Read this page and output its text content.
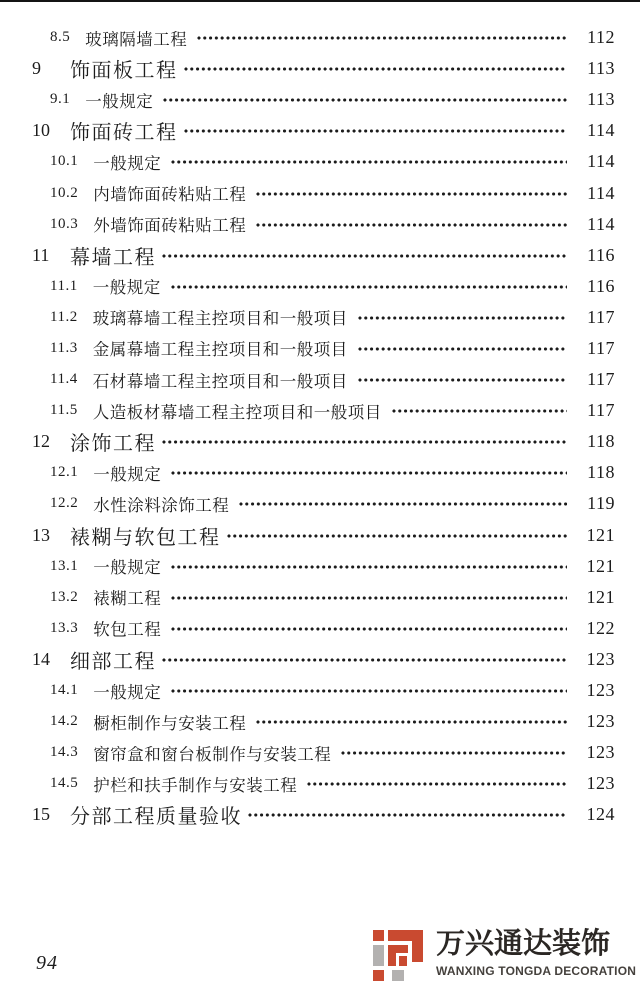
8.5 玻璃隔墙工程	112
9	饰面板工程	113
9.1 一般规定	113
10	饰面砖工程	114
10.1 一般规定	114
10.2 内墙饰面砖粘贴工程	114
10.3 外墙饰面砖粘贴工程	114
11	幕墙工程	116
11.1 一般规定	116
11.2 玻璃幕墙工程主控项目和一般项目	117
11.3 金属幕墙工程主控项目和一般项目	117
11.4 石材幕墙工程主控项目和一般项目	117
11.5 人造板材幕墙工程主控项目和一般项目	117
12	涂饰工程	118
12.1 一般规定	118
12.2 水性涂料涂饰工程	119
13	裱糊与软包工程	121
13.1 一般规定	121
13.2 裱糊工程	121
13.3 软包工程	122
14	细部工程	123
14.1 一般规定	123
14.2 橱柜制作与安装工程	123
14.3 窗帘盒和窗台板制作与安装工程	123
14.5 护栏和扶手制作与安装工程	123
15	分部工程质量验收	124
94
万兴通达装饰
WANXING TONGDA DECORATION
